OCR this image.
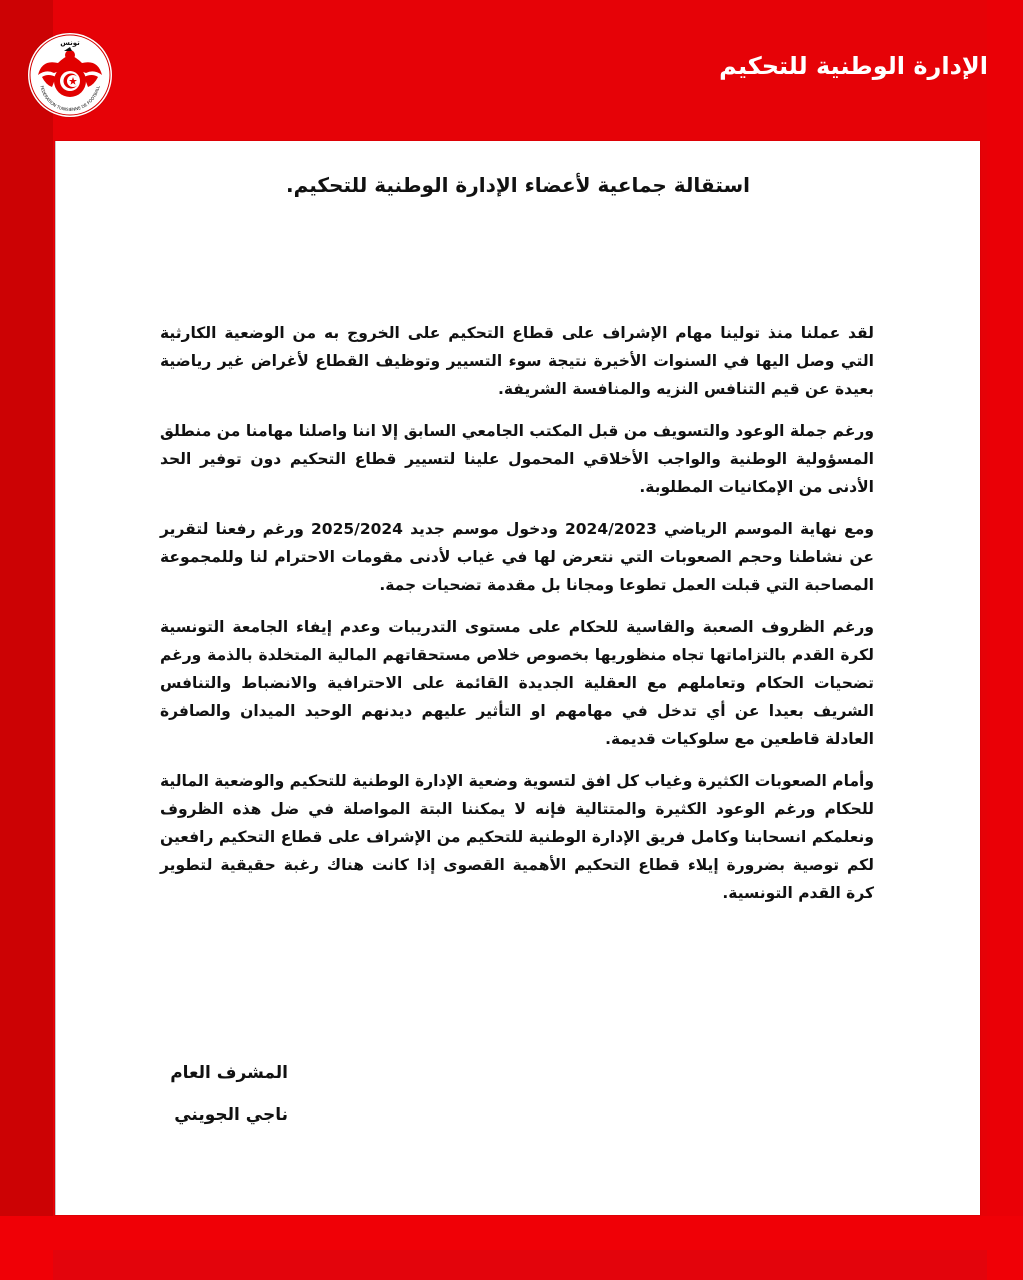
تونس
FEDERATION TUNISIENNE DE FOOTBALL
الإدارة الوطنية للتحكيم
استقالة جماعية لأعضاء الإدارة الوطنية للتحكيم.

لقد عملنا منذ تولينا مهام الإشراف على قطاع التحكيم على الخروج به من الوضعية الكارثية التي وصل اليها في السنوات الأخيرة نتيجة سوء التسيير وتوظيف القطاع لأغراض غير رياضية بعيدة عن قيم التنافس النزيه والمنافسة الشريفة.

ورغم جملة الوعود والتسويف من قبل المكتب الجامعي السابق إلا اننا واصلنا مهامنا من منطلق المسؤولية الوطنية والواجب الأخلاقي المحمول علينا لتسيير قطاع التحكيم دون توفير الحد الأدنى من الإمكانيات المطلوبة.

ومع نهاية الموسم الرياضي 2024/2023 ودخول موسم جديد 2025/2024 ورغم رفعنا لتقرير عن نشاطنا وحجم الصعوبات التي نتعرض لها في غياب لأدنى مقومات الاحترام لنا وللمجموعة المصاحبة التي قبلت العمل تطوعا ومجانا بل مقدمة تضحيات جمة.

ورغم الظروف الصعبة والقاسية للحكام على مستوى التدريبات وعدم إيفاء الجامعة التونسية لكرة القدم بالتزاماتها تجاه منظوريها بخصوص خلاص مستحقاتهم المالية المتخلدة بالذمة ورغم تضحيات الحكام وتعاملهم مع العقلية الجديدة القائمة على الاحترافية والانضباط والتنافس الشريف بعيدا عن أي تدخل في مهامهم او التأثير عليهم ديدنهم الوحيد الميدان والصافرة العادلة قاطعين مع سلوكيات قديمة.

وأمام الصعوبات الكثيرة وغياب كل افق لتسوية وضعية الإدارة الوطنية للتحكيم والوضعية المالية للحكام ورغم الوعود الكثيرة والمتتالية فإنه لا يمكننا البتة المواصلة في ضل هذه الظروف ونعلمكم انسحابنا وكامل فريق الإدارة الوطنية للتحكيم من الإشراف على قطاع التحكيم رافعين لكم توصية بضرورة إيلاء قطاع التحكيم الأهمية القصوى إذا كانت هناك رغبة حقيقية لتطوير كرة القدم التونسية.

المشرف العام
ناجي الجويني
